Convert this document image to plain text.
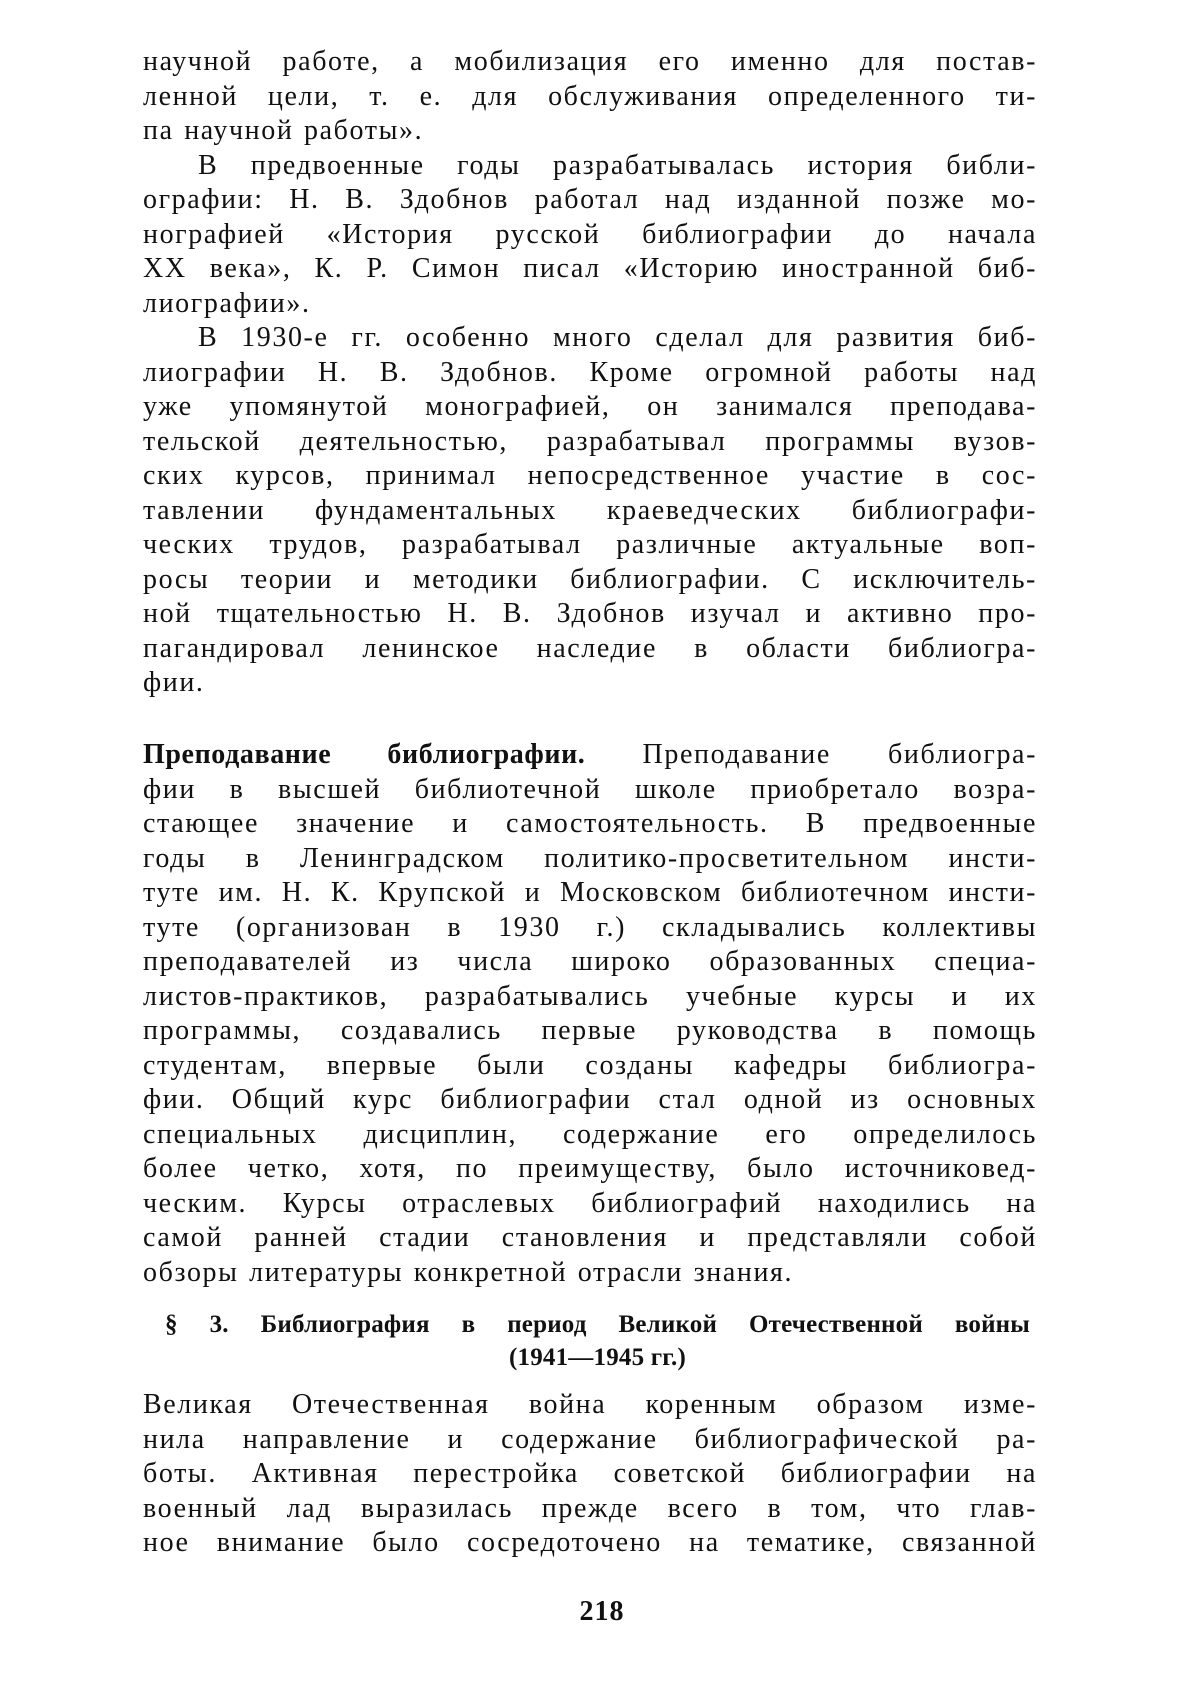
научной работе, а мобилизация его именно для постав-
ленной цели, т. е. для обслуживания определенного ти-
па научной работы».
В предвоенные годы разрабатывалась история библи-
ографии: Н. В. Здобнов работал над изданной позже мо-
нографией «История русской библиографии до начала
XX века», К. Р. Симон писал «Историю иностранной биб-
лиографии».
В 1930-е гг. особенно много сделал для развития биб-
лиографии Н. В. Здобнов. Кроме огромной работы над
уже упомянутой монографией, он занимался преподава-
тельской деятельностью, разрабатывал программы вузов-
ских курсов, принимал непосредственное участие в сос-
тавлении фундаментальных краеведческих библиографи-
ческих трудов, разрабатывал различные актуальные воп-
росы теории и методики библиографии. С исключитель-
ной тщательностью Н. В. Здобнов изучал и активно про-
пагандировал ленинское наследие в области библиогра-
фии.
Преподавание библиографии. Преподавание библиогра-
фии в высшей библиотечной школе приобретало возра-
стающее значение и самостоятельность. В предвоенные
годы в Ленинградском политико-просветительном инсти-
туте им. Н. К. Крупской и Московском библиотечном инсти-
туте (организован в 1930 г.) складывались коллективы
преподавателей из числа широко образованных специа-
листов-практиков, разрабатывались учебные курсы и их
программы, создавались первые руководства в помощь
студентам, впервые были созданы кафедры библиогра-
фии. Общий курс библиографии стал одной из основных
специальных дисциплин, содержание его определилось
более четко, хотя, по преимуществу, было источниковед-
ческим. Курсы отраслевых библиографий находились на
самой ранней стадии становления и представляли собой
обзоры литературы конкретной отрасли знания.
§ 3. Библиография в период Великой Отечественной войны
(1941—1945 гг.)
Великая Отечественная война коренным образом изме-
нила направление и содержание библиографической ра-
боты. Активная перестройка советской библиографии на
военный лад выразилась прежде всего в том, что глав-
ное внимание было сосредоточено на тематике, связанной
218
